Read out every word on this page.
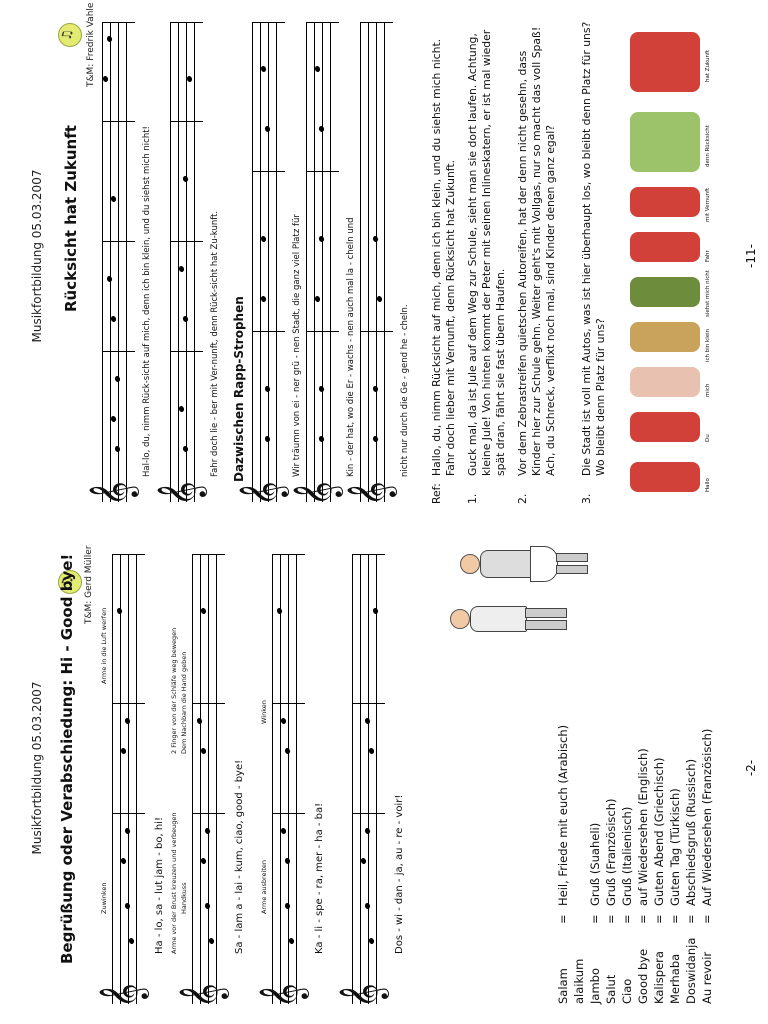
Musikfortbildung 05.03.2007
♫ Begrüßung oder Verabschiedung: Hi - Good bye! T&M: Gerd Müller
Zuwinken
Arme in die Luft werfen
𝄞
Ha - lo, sa - lut jam - bo, hi! Arme vor der Brust kreuzen und verbeugen
2 Finger von der Schläfe weg bewegen
Handkuss
Dem Nachbarn die Hand geben
𝄞
Sa - lam a - lai - kum, ciao, good - bye! Arme ausbreiten
Winken
𝄞
Ka - li - spe - ra, mer - ha - ba!
𝄞
Dos - wi - dan - ja, au - re - voir!
Salam alaikum
=
Heil, Friede mit euch (Arabisch)
Jambo
=
Gruß (Suaheli)
Salut
=
Gruß (Französisch)
Ciao
=
Gruß (Italienisch)
Good bye
=
auf Wiedersehen (Englisch)
Kalispera
=
Guten Abend (Griechisch)
Merhaba
=
Guten Tag (Türkisch)
Doswidanja
=
Abschiedsgruß (Russisch)
Au revoir
=
Auf Wiedersehen (Französisch)	-2-
Musikfortbildung 05.03.2007
♫ Rücksicht hat Zukunft
T&M: Fredrik Vahle
𝄞
Hal-lo, du, nimm Rück-sicht auf mich, denn ich bin klein, und du siehst mich nicht!
𝄞
Fahr doch lie - ber mit Ver-nunft, denn Rück-sicht hat Zu-kunft. Dazwischen Rapp-Strophen
𝄞
Wir träumn von ei - ner grü - nen Stadt, die ganz viel Platz für
𝄞
Kin - der hat, wo die Er - wachs - nen auch mal la - cheln und
𝄞
nicht nur durch die Ge - gend he - cheln.
Ref:
Hallo, du, nimm Rücksicht auf mich, denn ich bin klein, und du siehst mich nicht. Fahr doch lieber mit Vernunft, denn Rücksicht hat Zukunft.
1.
Guck mal, da ist Jule auf dem Weg zur Schule, sieht man sie dort laufen. Achtung, kleine Jule! Von hinten kommt der Peter mit seinen Inlineskatern, er ist mal wieder spät dran, fährt sie fast übern Haufen.
2.
Vor dem Zebrastreifen quietschen Autoreifen, hat der denn nicht gesehn, dass Kinder hier zur Schule gehn. Weiter geht's mit Vollgas, nur so macht das voll Spaß! Ach, du Schreck, verflixt noch mal, sind Kinder denen ganz egal?
3.
Die Stadt ist voll mit Autos, was ist hier überhaupt los, wo bleibt denn Platz für uns? Wo bleibt denn Platz für uns?
Hallo
Du
mich
ich bin klein
siehst mich nicht
Fahr
mit Vernunft
denn Rücksicht
hat Zukunft
-11-
